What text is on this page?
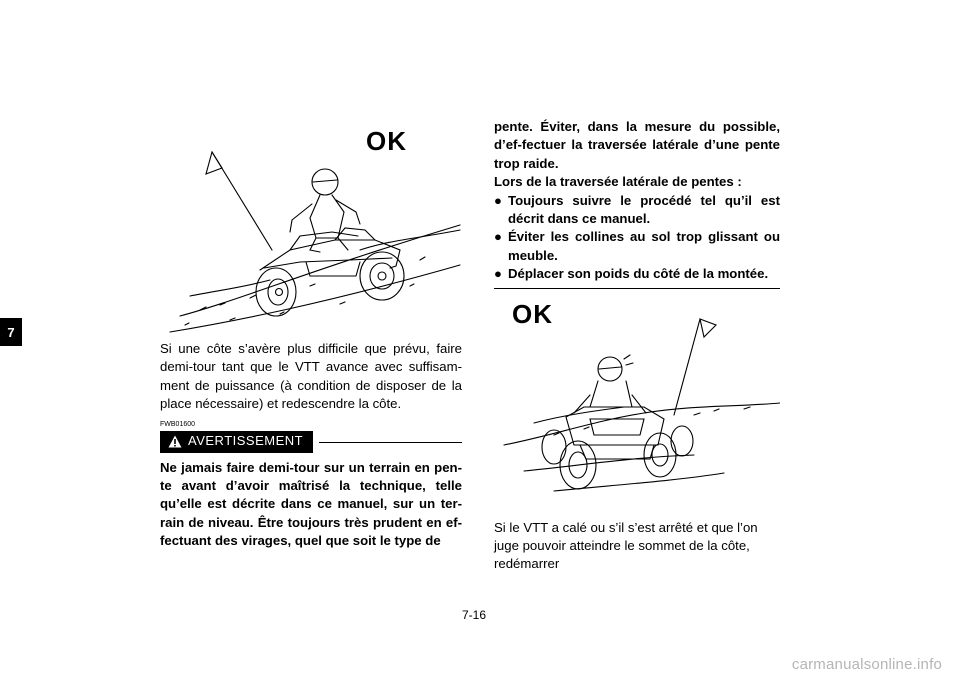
7
OK

Si une côte s’avère plus difficile que prévu, faire demi-tour tant que le VTT avance avec suffisam-ment de puissance (à condition de disposer de la place nécessaire) et redescendre la côte.

FWB01600
AVERTISSEMENT

Ne jamais faire demi-tour sur un terrain en pen-te avant d’avoir maîtrisé la technique, telle qu’elle est décrite dans ce manuel, sur un ter-rain de niveau. Être toujours très prudent en ef-fectuant des virages, quel que soit le type de

pente. Éviter, dans la mesure du possible, d’ef-fectuer la traversée latérale d’une pente trop raide.

Lors de la traversée latérale de pentes :
● Toujours suivre le procédé tel qu’il est décrit dans ce manuel.
● Éviter les collines au sol trop glissant ou meuble.
● Déplacer son poids du côté de la montée.
OK

Si le VTT a calé ou s’il s’est arrêté et que l’on juge pouvoir atteindre le sommet de la côte, redémarrer

7-16
carmanualsonline.info
